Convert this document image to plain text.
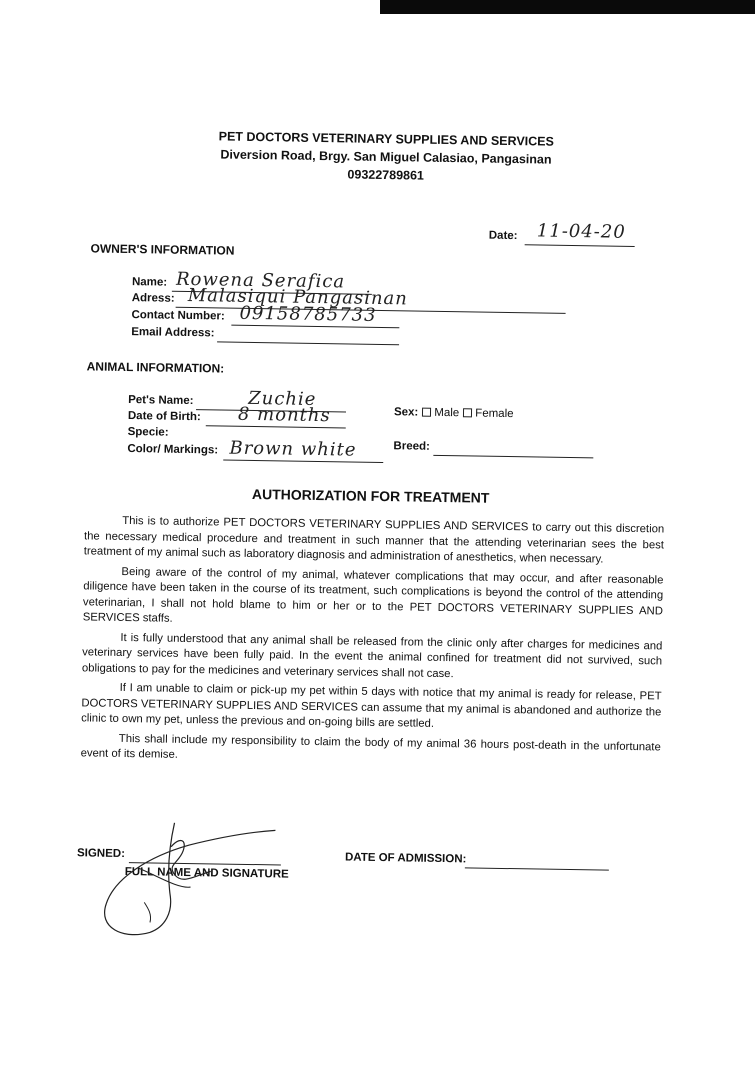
PET DOCTORS VETERINARY SUPPLIES AND SERVICES
Diversion Road, Brgy. San Miguel Calasiao, Pangasinan
09322789861
Date: 11-04-20
OWNER'S INFORMATION
Name: Rowena Serafica
Adress: Malasiqui Pangasinan
Contact Number: 09158785733
Email Address:
ANIMAL INFORMATION:
Pet's Name:	Zuchie
Date of Birth: 8 months
Specie:
Color/ Markings: Brown white
Sex: Male Female
Breed:
AUTHORIZATION FOR TREATMENT

This is to authorize PET DOCTORS VETERINARY SUPPLIES AND SERVICES to carry out this discretion the necessary medical procedure and treatment in such manner that the attending veterinarian sees the best treatment of my animal such as laboratory diagnosis and administration of anesthetics, when necessary.

Being aware of the control of my animal, whatever complications that may occur, and after reasonable diligence have been taken in the course of its treatment, such complications is beyond the control of the attending veterinarian, I shall not hold blame to him or her or to the PET DOCTORS VETERINARY SUPPLIES AND SERVICES staffs.

It is fully understood that any animal shall be released from the clinic only after charges for medicines and veterinary services have been fully paid. In the event the animal confined for treatment did not survived, such obligations to pay for the medicines and veterinary services shall not case.

If I am unable to claim or pick-up my pet within 5 days with notice that my animal is ready for release, PET DOCTORS VETERINARY SUPPLIES AND SERVICES can assume that my animal is abandoned and authorize the clinic to own my pet, unless the previous and on-going bills are settled.

This shall include my responsibility to claim the body of my animal 36 hours post-death in the unfortunate event of its demise.

SIGNED:
FULL NAME AND SIGNATURE
DATE OF ADMISSION:
